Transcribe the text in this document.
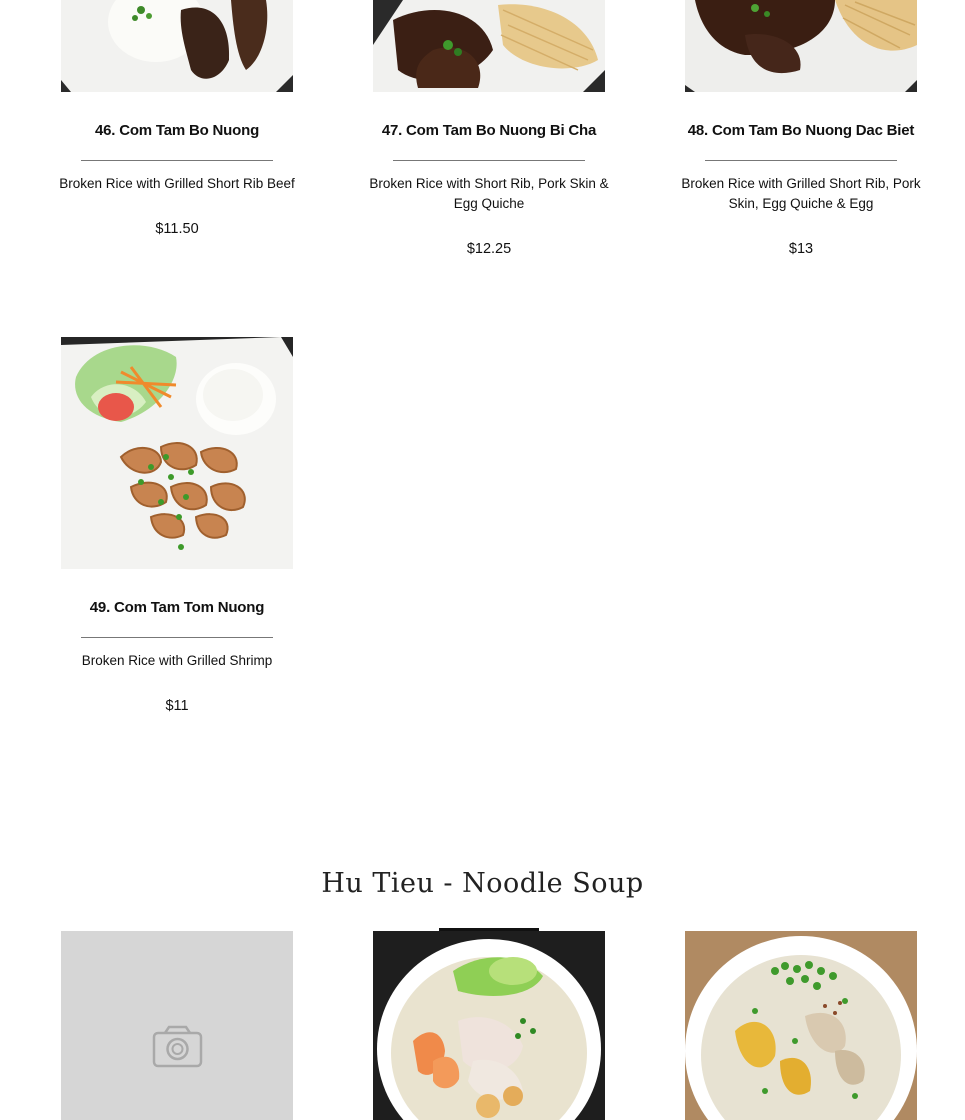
46. Com Tam Bo Nuong
Broken Rice with Grilled Short Rib Beef
$11.50
47. Com Tam Bo Nuong Bi Cha
Broken Rice with Short Rib, Pork Skin & Egg Quiche
$12.25
48. Com Tam Bo Nuong Dac Biet
Broken Rice with Grilled Short Rib, Pork Skin, Egg Quiche & Egg
$13
49. Com Tam Tom Nuong
Broken Rice with Grilled Shrimp
$11
Hu Tieu - Noodle Soup
